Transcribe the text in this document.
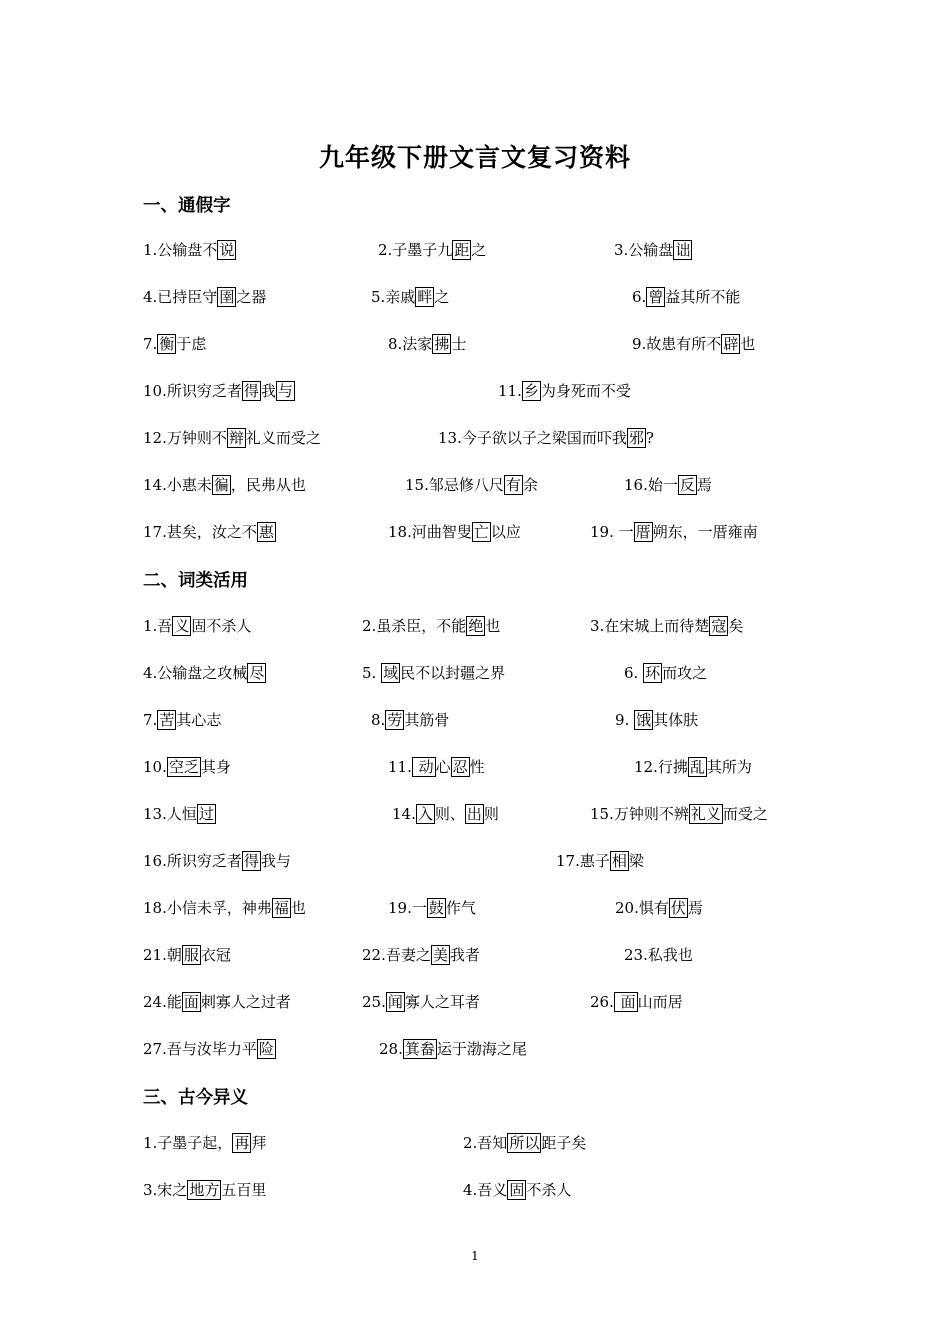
九年级下册文言文复习资料
一、通假字
二、词类活用
三、古今异义
1.公输盘不 说	2.子墨子九 距 之	3.公输盘 诎
4.已持臣守 圉 之器	5.亲戚 畔 之	6. 曾 益其所不能
7. 衡 于虑	8.法家 拂 士	9.故患有所不 辟 也
10.所识穷乏者 得 我 与	11. 乡 为身死而不受
12.万钟则不 辩 礼义而受之	13.今子欲以子之梁国而吓我 邪 ?
14.小惠未 徧 ，民弗从也	15.邹忌修八尺 有 余	16.始一 反 焉
17.甚矣，汝之不 惠	18.河曲智叟 亡 以应	19. 一 厝 朔东，一厝雍南
1.吾 义 固不杀人	2.虽杀臣，不能 绝 也	3.在宋城上而待楚 寇 矣
4.公输盘之攻械 尽	5. 域 民不以封疆之界	6. 环 而攻之
7. 苦 其心志	8. 劳 其筋骨	9. 饿 其体肤
10. 空乏 其身	11. 动 心 忍 性	12.行拂 乱 其所为
13.人恒 过	14. 入 则、 出 则	15.万钟则不辨 礼义 而受之
16.所识穷乏者 得 我与	17.惠子 相 梁
18.小信未孚，神弗 福 也	19.一 鼓 作气	20.惧有 伏 焉
21.朝 服 衣冠	22.吾妻之 美 我者	23.私我也
24.能 面 刺寡人之过者	25. 闻 寡人之耳者	26. 面 山而居
27.吾与汝毕力平 险	28. 箕畚 运于渤海之尾
1.子墨子起， 再 拜	2.吾知 所以 距子矣
3.宋之 地方 五百里	4.吾义 固 不杀人
1
